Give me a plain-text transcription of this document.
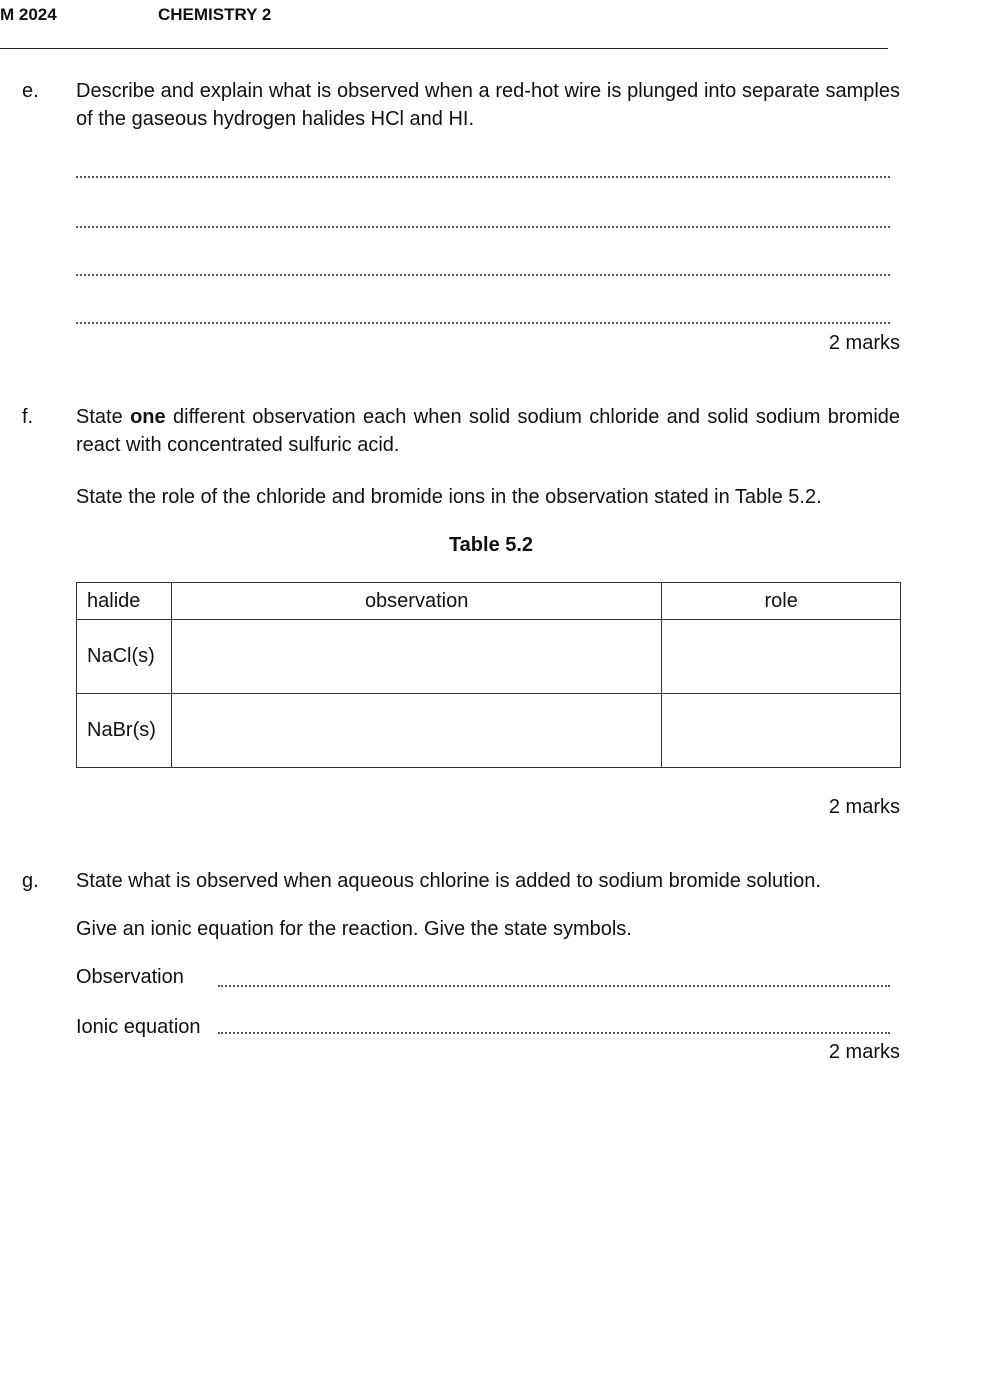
M 2024	CHEMISTRY 2
e. Describe and explain what is observed when a red-hot wire is plunged into separate samples of the gaseous hydrogen halides HCl and HI.
2 marks
f. State one different observation each when solid sodium chloride and solid sodium bromide react with concentrated sulfuric acid.
State the role of the chloride and bromide ions in the observation stated in Table 5.2.
Table 5.2
halide	observation	role
NaCl(s)		
NaBr(s)		
2 marks
g. State what is observed when aqueous chlorine is added to sodium bromide solution.
Give an ionic equation for the reaction. Give the state symbols.
Observation
Ionic equation
2 marks
